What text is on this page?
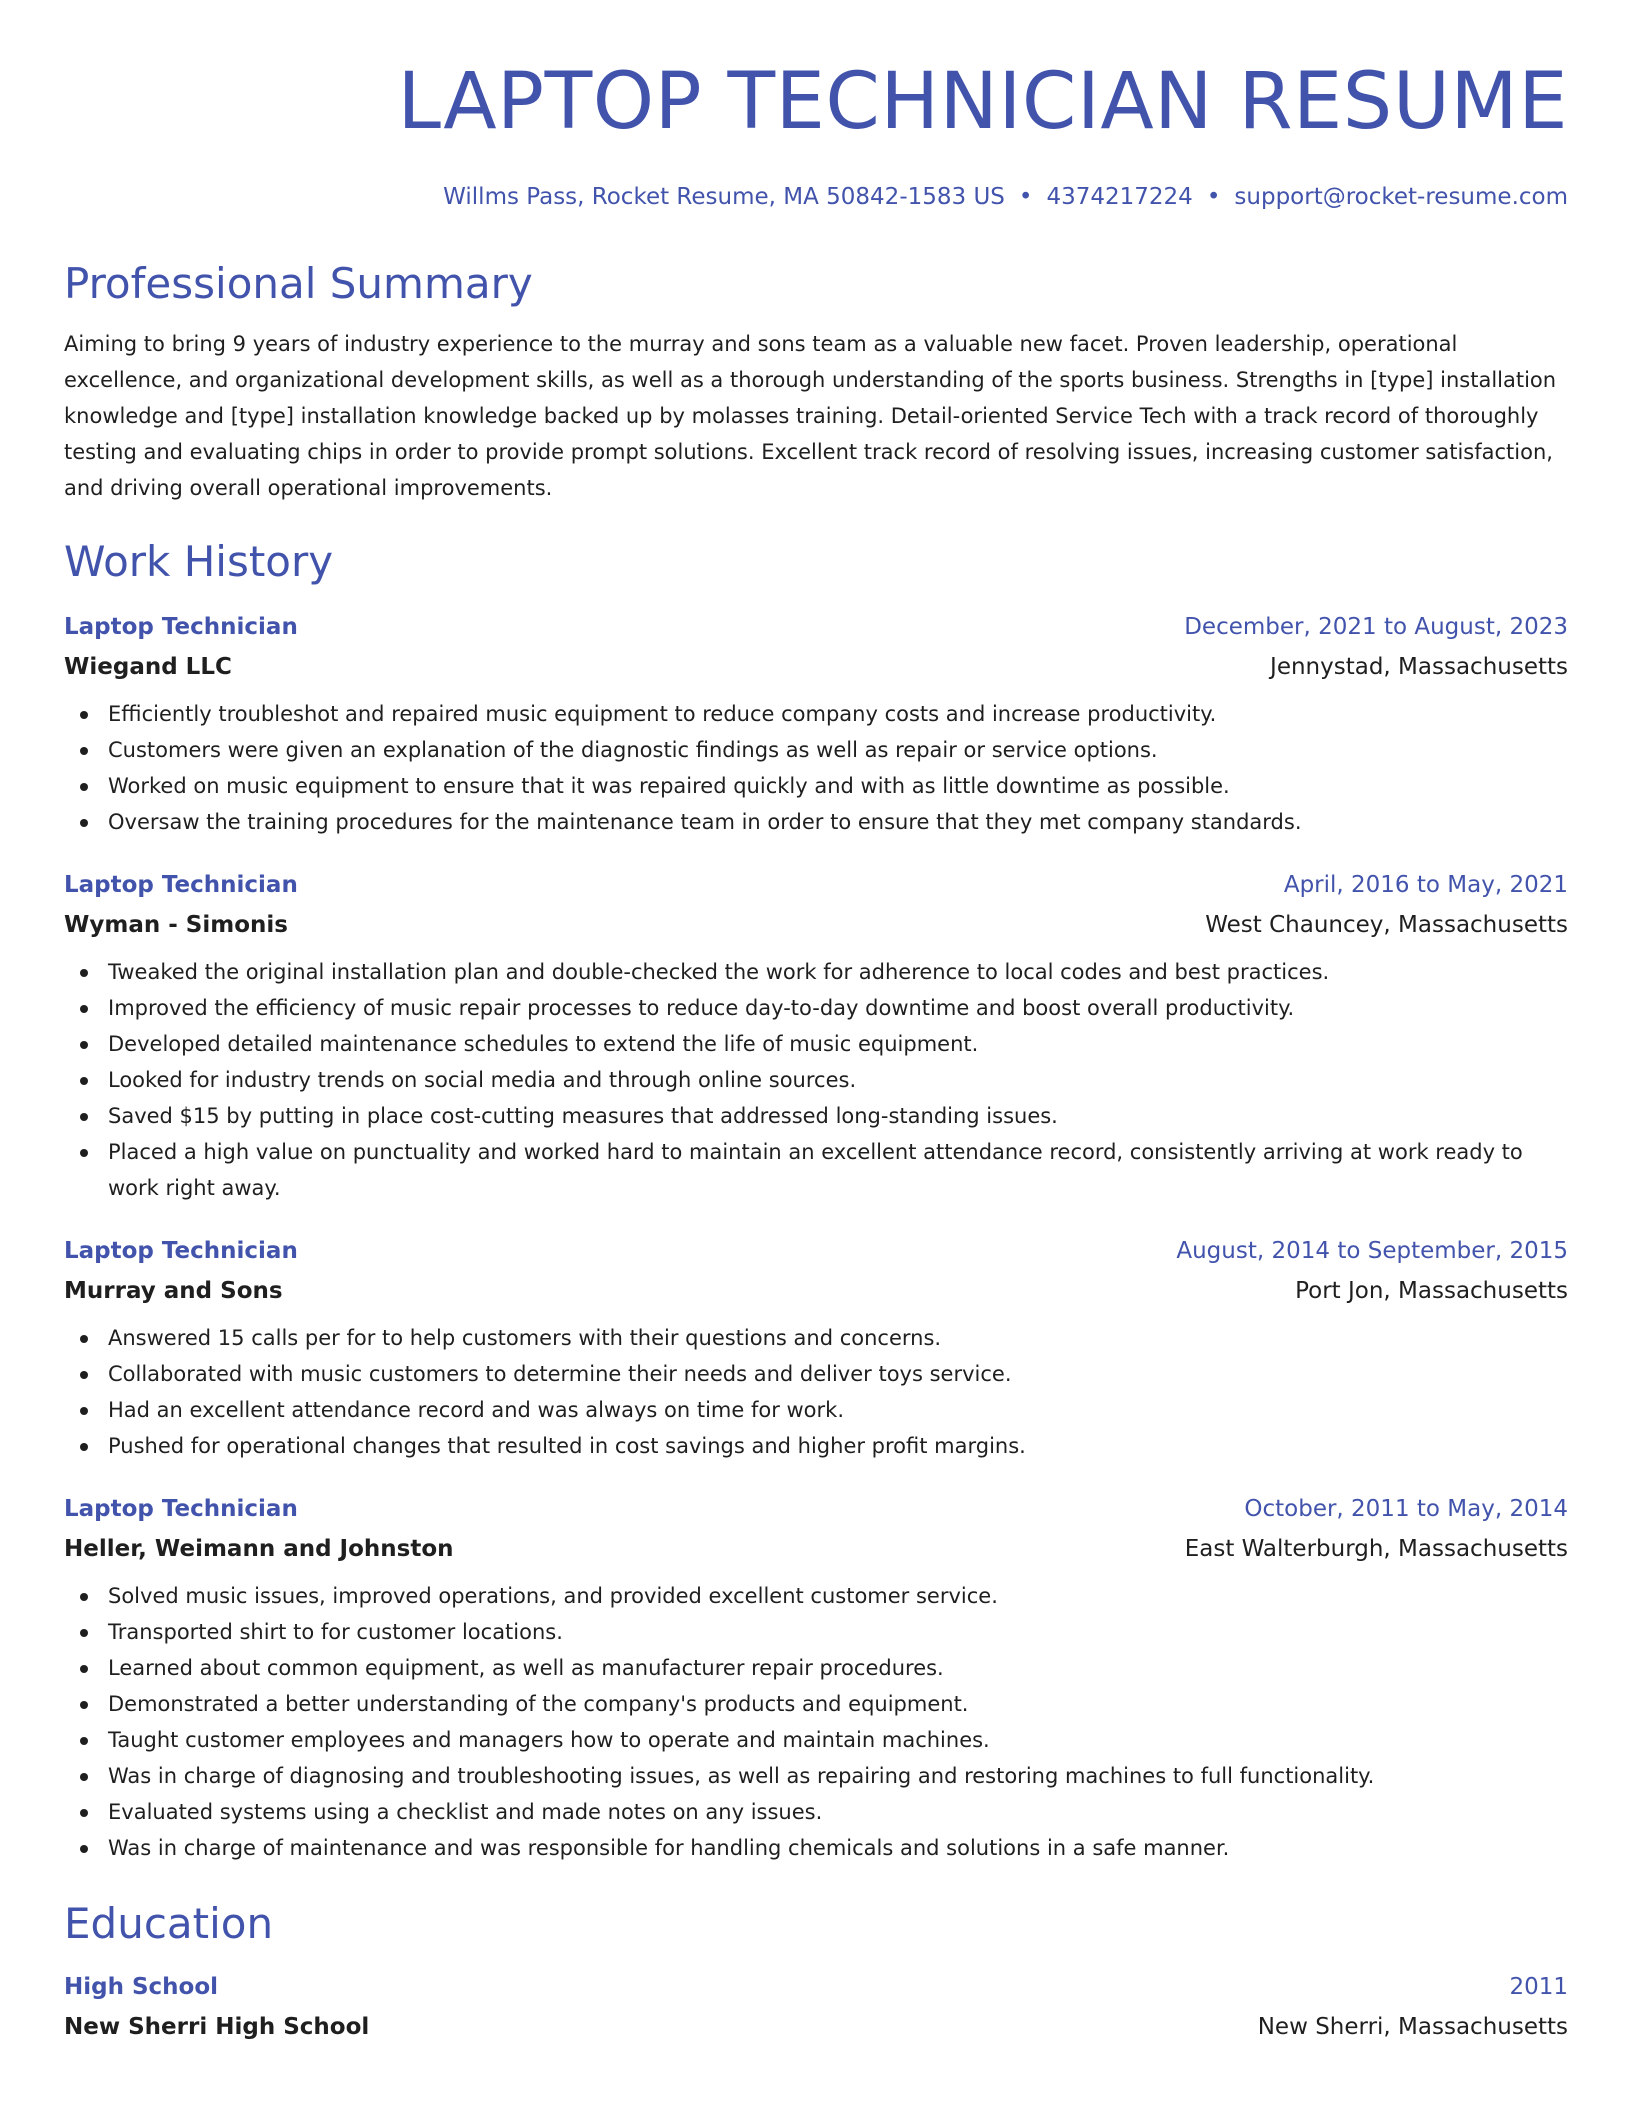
LAPTOP TECHNICIAN RESUME
Willms Pass, Rocket Resume, MA 50842-1583 US • 4374217224 • support@rocket-resume.com
Professional Summary

Aiming to bring 9 years of industry experience to the murray and sons team as a valuable new facet. Proven leadership, operational excellence, and organizational development skills, as well as a thorough understanding of the sports business. Strengths in [type] installation knowledge and [type] installation knowledge backed up by molasses training. Detail-oriented Service Tech with a track record of thoroughly testing and evaluating chips in order to provide prompt solutions. Excellent track record of resolving issues, increasing customer satisfaction, and driving overall operational improvements.

Work History
Laptop Technician	December, 2021 to August, 2023
Wiegand LLC	Jennystad, Massachusetts
Efficiently troubleshot and repaired music equipment to reduce company costs and increase productivity.
Customers were given an explanation of the diagnostic findings as well as repair or service options.
Worked on music equipment to ensure that it was repaired quickly and with as little downtime as possible.
Oversaw the training procedures for the maintenance team in order to ensure that they met company standards.
Laptop Technician	April, 2016 to May, 2021
Wyman - Simonis	West Chauncey, Massachusetts
Tweaked the original installation plan and double-checked the work for adherence to local codes and best practices.
Improved the efficiency of music repair processes to reduce day-to-day downtime and boost overall productivity.
Developed detailed maintenance schedules to extend the life of music equipment.
Looked for industry trends on social media and through online sources.
Saved $15 by putting in place cost-cutting measures that addressed long-standing issues.
Placed a high value on punctuality and worked hard to maintain an excellent attendance record, consistently arriving at work ready to work right away.
Laptop Technician	August, 2014 to September, 2015
Murray and Sons	Port Jon, Massachusetts
Answered 15 calls per for to help customers with their questions and concerns.
Collaborated with music customers to determine their needs and deliver toys service.
Had an excellent attendance record and was always on time for work.
Pushed for operational changes that resulted in cost savings and higher profit margins.
Laptop Technician	October, 2011 to May, 2014
Heller, Weimann and Johnston	East Walterburgh, Massachusetts
Solved music issues, improved operations, and provided excellent customer service.
Transported shirt to for customer locations.
Learned about common equipment, as well as manufacturer repair procedures.
Demonstrated a better understanding of the company's products and equipment.
Taught customer employees and managers how to operate and maintain machines.
Was in charge of diagnosing and troubleshooting issues, as well as repairing and restoring machines to full functionality.
Evaluated systems using a checklist and made notes on any issues.
Was in charge of maintenance and was responsible for handling chemicals and solutions in a safe manner.
Education
High School	2011
New Sherri High School	New Sherri, Massachusetts
